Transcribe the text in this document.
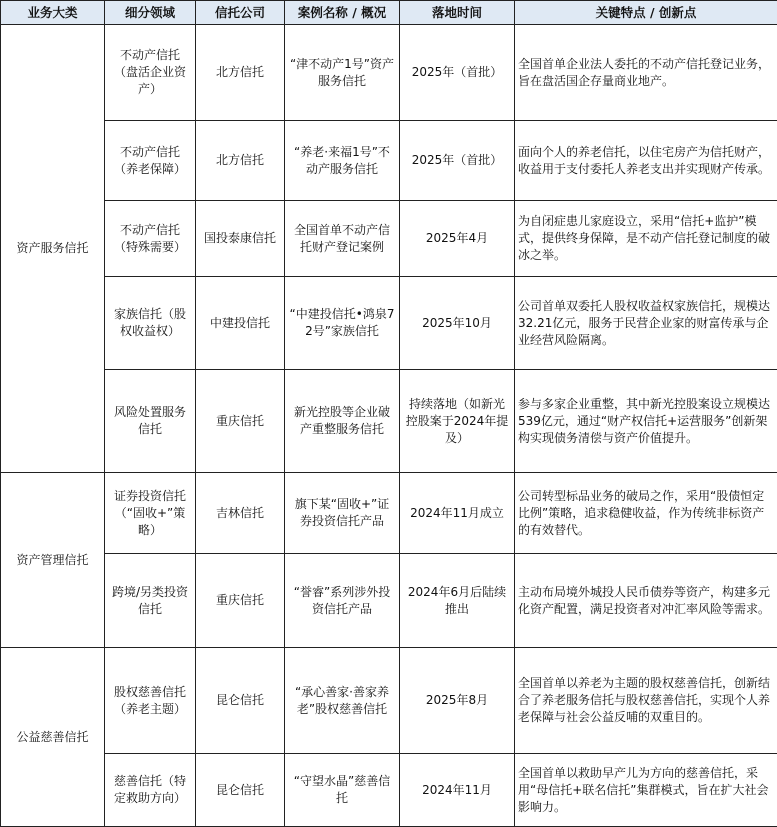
业务大类	细分领域	信托公司	案例名称 / 概况	落地时间	关键特点 / 创新点
资产服务信托	不动产信托（盘活企业资产）	北方信托	“津不动产1号”资产服务信托	2025年（首批）	全国首单企业法人委托的不动产信托登记业务，旨在盘活国企存量商业地产。
	不动产信托（养老保障）	北方信托	“养老·来福1号”不动产服务信托	2025年（首批）	面向个人的养老信托，以住宅房产为信托财产，收益用于支付委托人养老支出并实现财产传承。
	不动产信托（特殊需要）	国投泰康信托	全国首单不动产信托财产登记案例	2025年4月	为自闭症患儿家庭设立，采用“信托+监护”模式，提供终身保障，是不动产信托登记制度的破冰之举。
	家族信托（股权收益权）	中建投信托	“中建投信托•鸿泉72号”家族信托	2025年10月	公司首单双委托人股权收益权家族信托，规模达32.21亿元，服务于民营企业家的财富传承与企业经营风险隔离。
	风险处置服务信托	重庆信托	新光控股等企业破产重整服务信托	持续落地（如新光控股案于2024年提及）	参与多家企业重整，其中新光控股案设立规模达539亿元，通过“财产权信托+运营服务”创新架构实现债务清偿与资产价值提升。
资产管理信托	证券投资信托（“固收+”策略）	吉林信托	旗下某“固收+”证券投资信托产品	2024年11月成立	公司转型标品业务的破局之作，采用“股债恒定比例”策略，追求稳健收益，作为传统非标资产的有效替代。
	跨境/另类投资信托	重庆信托	“誉睿”系列涉外投资信托产品	2024年6月后陆续推出	主动布局境外城投人民币债券等资产，构建多元化资产配置，满足投资者对冲汇率风险等需求。
公益慈善信托	股权慈善信托（养老主题）	昆仑信托	“承心善家·善家养老”股权慈善信托	2025年8月	全国首单以养老为主题的股权慈善信托，创新结合了养老服务信托与股权慈善信托，实现个人养老保障与社会公益反哺的双重目的。
	慈善信托（特定救助方向）	昆仑信托	“守望水晶”慈善信托	2024年11月	全国首单以救助早产儿为方向的慈善信托，采用“母信托+联名信托”集群模式，旨在扩大社会影响力。
